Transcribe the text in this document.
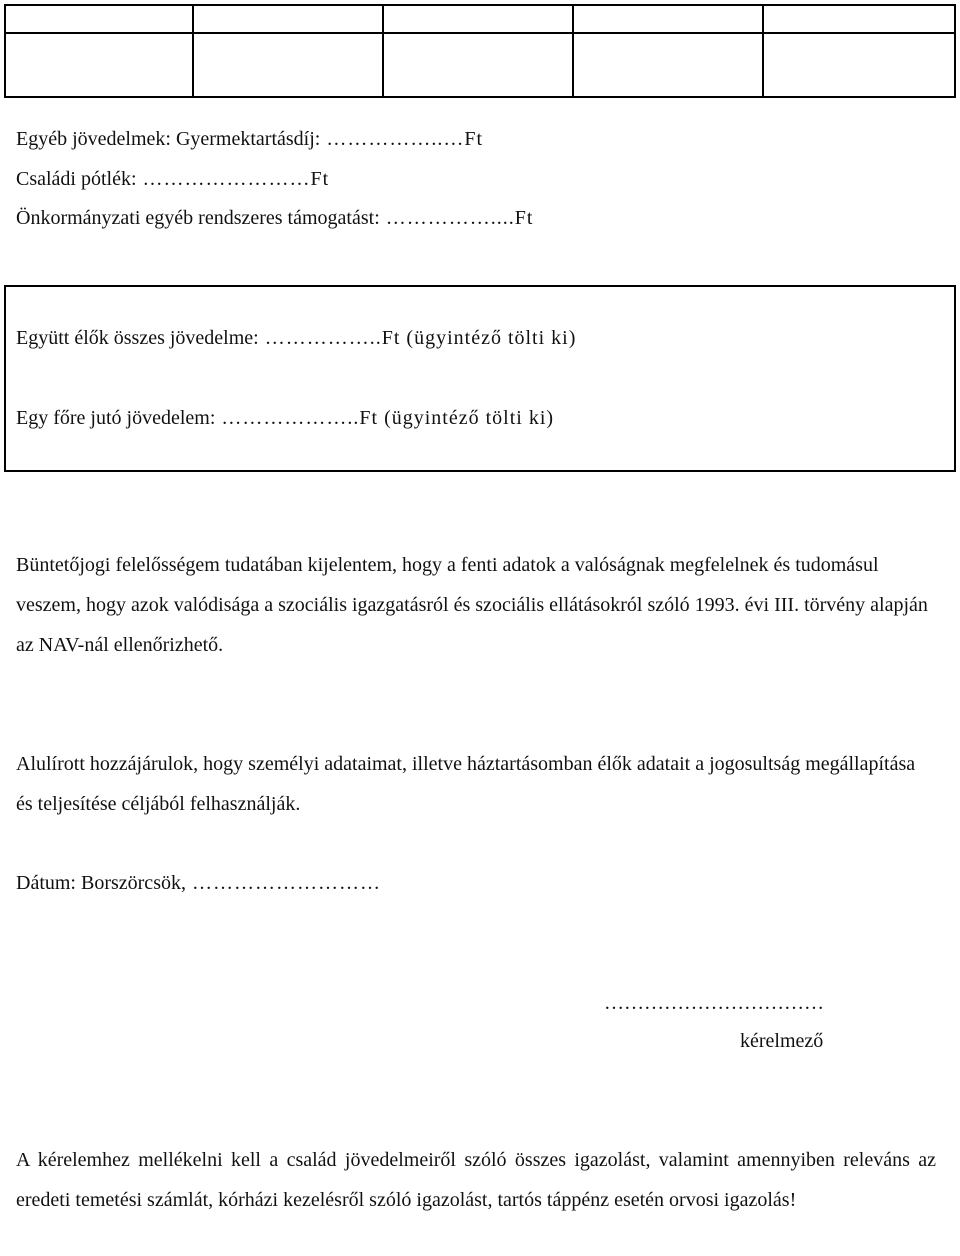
Egyéb jövedelmek: Gyermektartásdíj: ……………..…Ft
Családi pótlék: ……………………Ft
Önkormányzati egyéb rendszeres támogatást: ……………....Ft
Együtt élők összes jövedelme: ……………..Ft (ügyintéző tölti ki)
Egy főre jutó jövedelem: ………………..Ft (ügyintéző tölti ki)
Büntetőjogi felelősségem tudatában kijelentem, hogy a fenti adatok a valóságnak megfelelnek és tudomásul veszem, hogy azok valódisága a szociális igazgatásról és szociális ellátásokról szóló 1993. évi III. törvény alapján az NAV-nál ellenőrizhető.
Alulírott hozzájárulok, hogy személyi adataimat, illetve háztartásomban élők adatait a jogosultság megállapítása és teljesítése céljából felhasználják.
Dátum: Borszörcsök, ………………………
……………………………
kérelmező
A kérelemhez mellékelni kell a család jövedelmeiről szóló összes igazolást, valamint amennyiben releváns az eredeti temetési számlát, kórházi kezelésről szóló igazolást, tartós táppénz esetén orvosi igazolás!
